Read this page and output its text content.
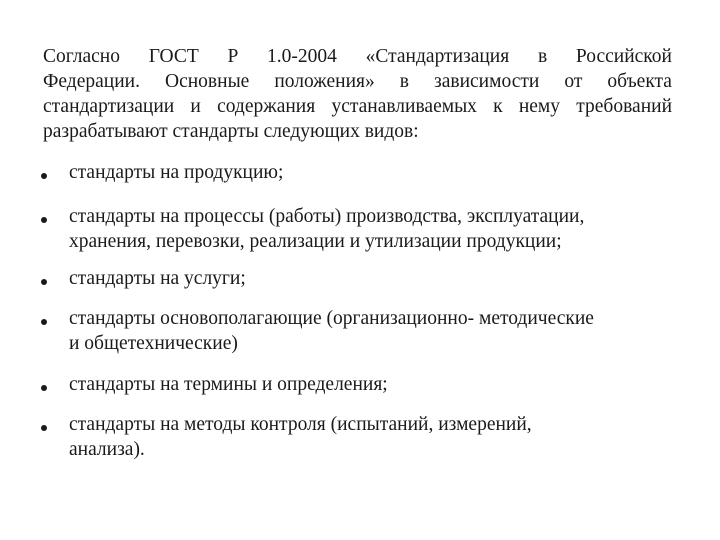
Согласно ГОСТ Р 1.0-2004 «Стандартизация в Российской
Федерации. Основные положения» в зависимости от объекта
стандартизации и содержания устанавливаемых к нему требований
разрабатывают стандарты следующих видов:
стандарты на продукцию;
стандарты на процессы (работы) производства, эксплуатации,
хранения, перевозки, реализации и утилизации продукции;
стандарты на услуги;
стандарты основополагающие (организационно- методические
и общетехнические)
стандарты на термины и определения;
стандарты на методы контроля (испытаний, измерений,
анализа).
